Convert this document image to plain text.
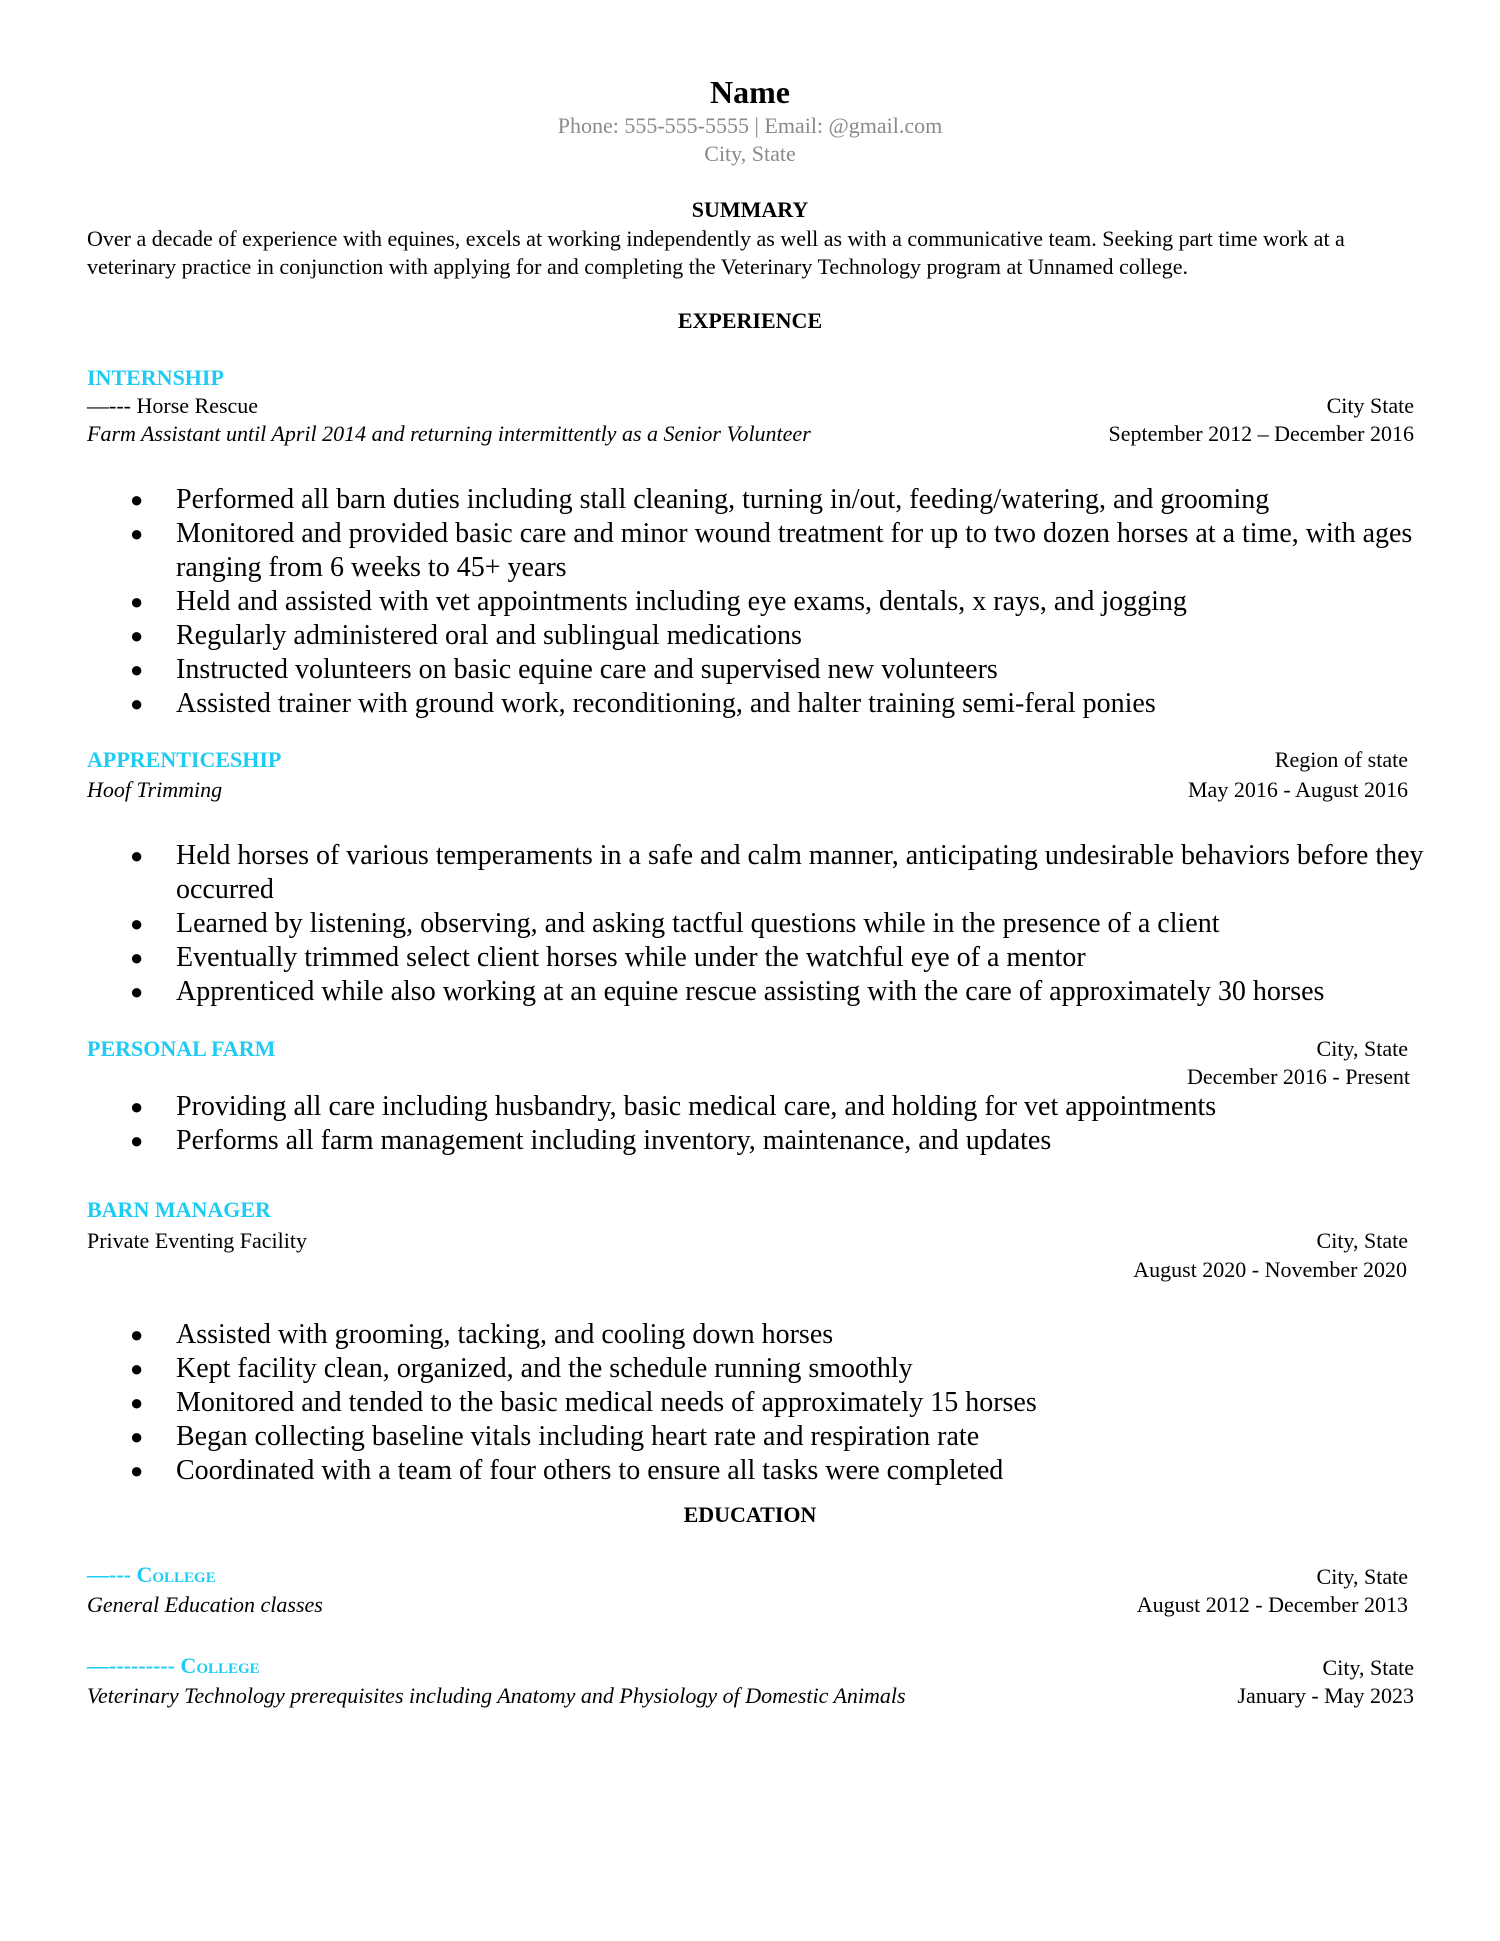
Name
Phone: 555-555-5555 | Email: @gmail.com
City, State
SUMMARY
Over a decade of experience with equines, excels at working independently as well as with a communicative team. Seeking part time work at a veterinary practice in conjunction with applying for and completing the Veterinary Technology program at Unnamed college.
EXPERIENCE
INTERNSHIP
—--- Horse Rescue	City State
Farm Assistant until April 2014 and returning intermittently as a Senior Volunteer	September 2012 – December 2016
● Performed all barn duties including stall cleaning, turning in/out, feeding/watering, and grooming
● Monitored and provided basic care and minor wound treatment for up to two dozen horses at a time, with ages ranging from 6 weeks to 45+ years
● Held and assisted with vet appointments including eye exams, dentals, x rays, and jogging
● Regularly administered oral and sublingual medications
● Instructed volunteers on basic equine care and supervised new volunteers
● Assisted trainer with ground work, reconditioning, and halter training semi-feral ponies
APPRENTICESHIP	Region of state
Hoof Trimming	May 2016 - August 2016
● Held horses of various temperaments in a safe and calm manner, anticipating undesirable behaviors before they occurred
● Learned by listening, observing, and asking tactful questions while in the presence of a client
● Eventually trimmed select client horses while under the watchful eye of a mentor
● Apprenticed while also working at an equine rescue assisting with the care of approximately 30 horses
PERSONAL FARM	City, State
December 2016 - Present
● Providing all care including husbandry, basic medical care, and holding for vet appointments
● Performs all farm management including inventory, maintenance, and updates
BARN MANAGER
Private Eventing Facility	City, State
August 2020 - November 2020
● Assisted with grooming, tacking, and cooling down horses
● Kept facility clean, organized, and the schedule running smoothly
● Monitored and tended to the basic medical needs of approximately 15 horses
● Began collecting baseline vitals including heart rate and respiration rate
● Coordinated with a team of four others to ensure all tasks were completed
EDUCATION
—--- College	City, State
General Education classes	August 2012 - December 2013
—--------- College	City, State
Veterinary Technology prerequisites including Anatomy and Physiology of Domestic Animals	January - May 2023
